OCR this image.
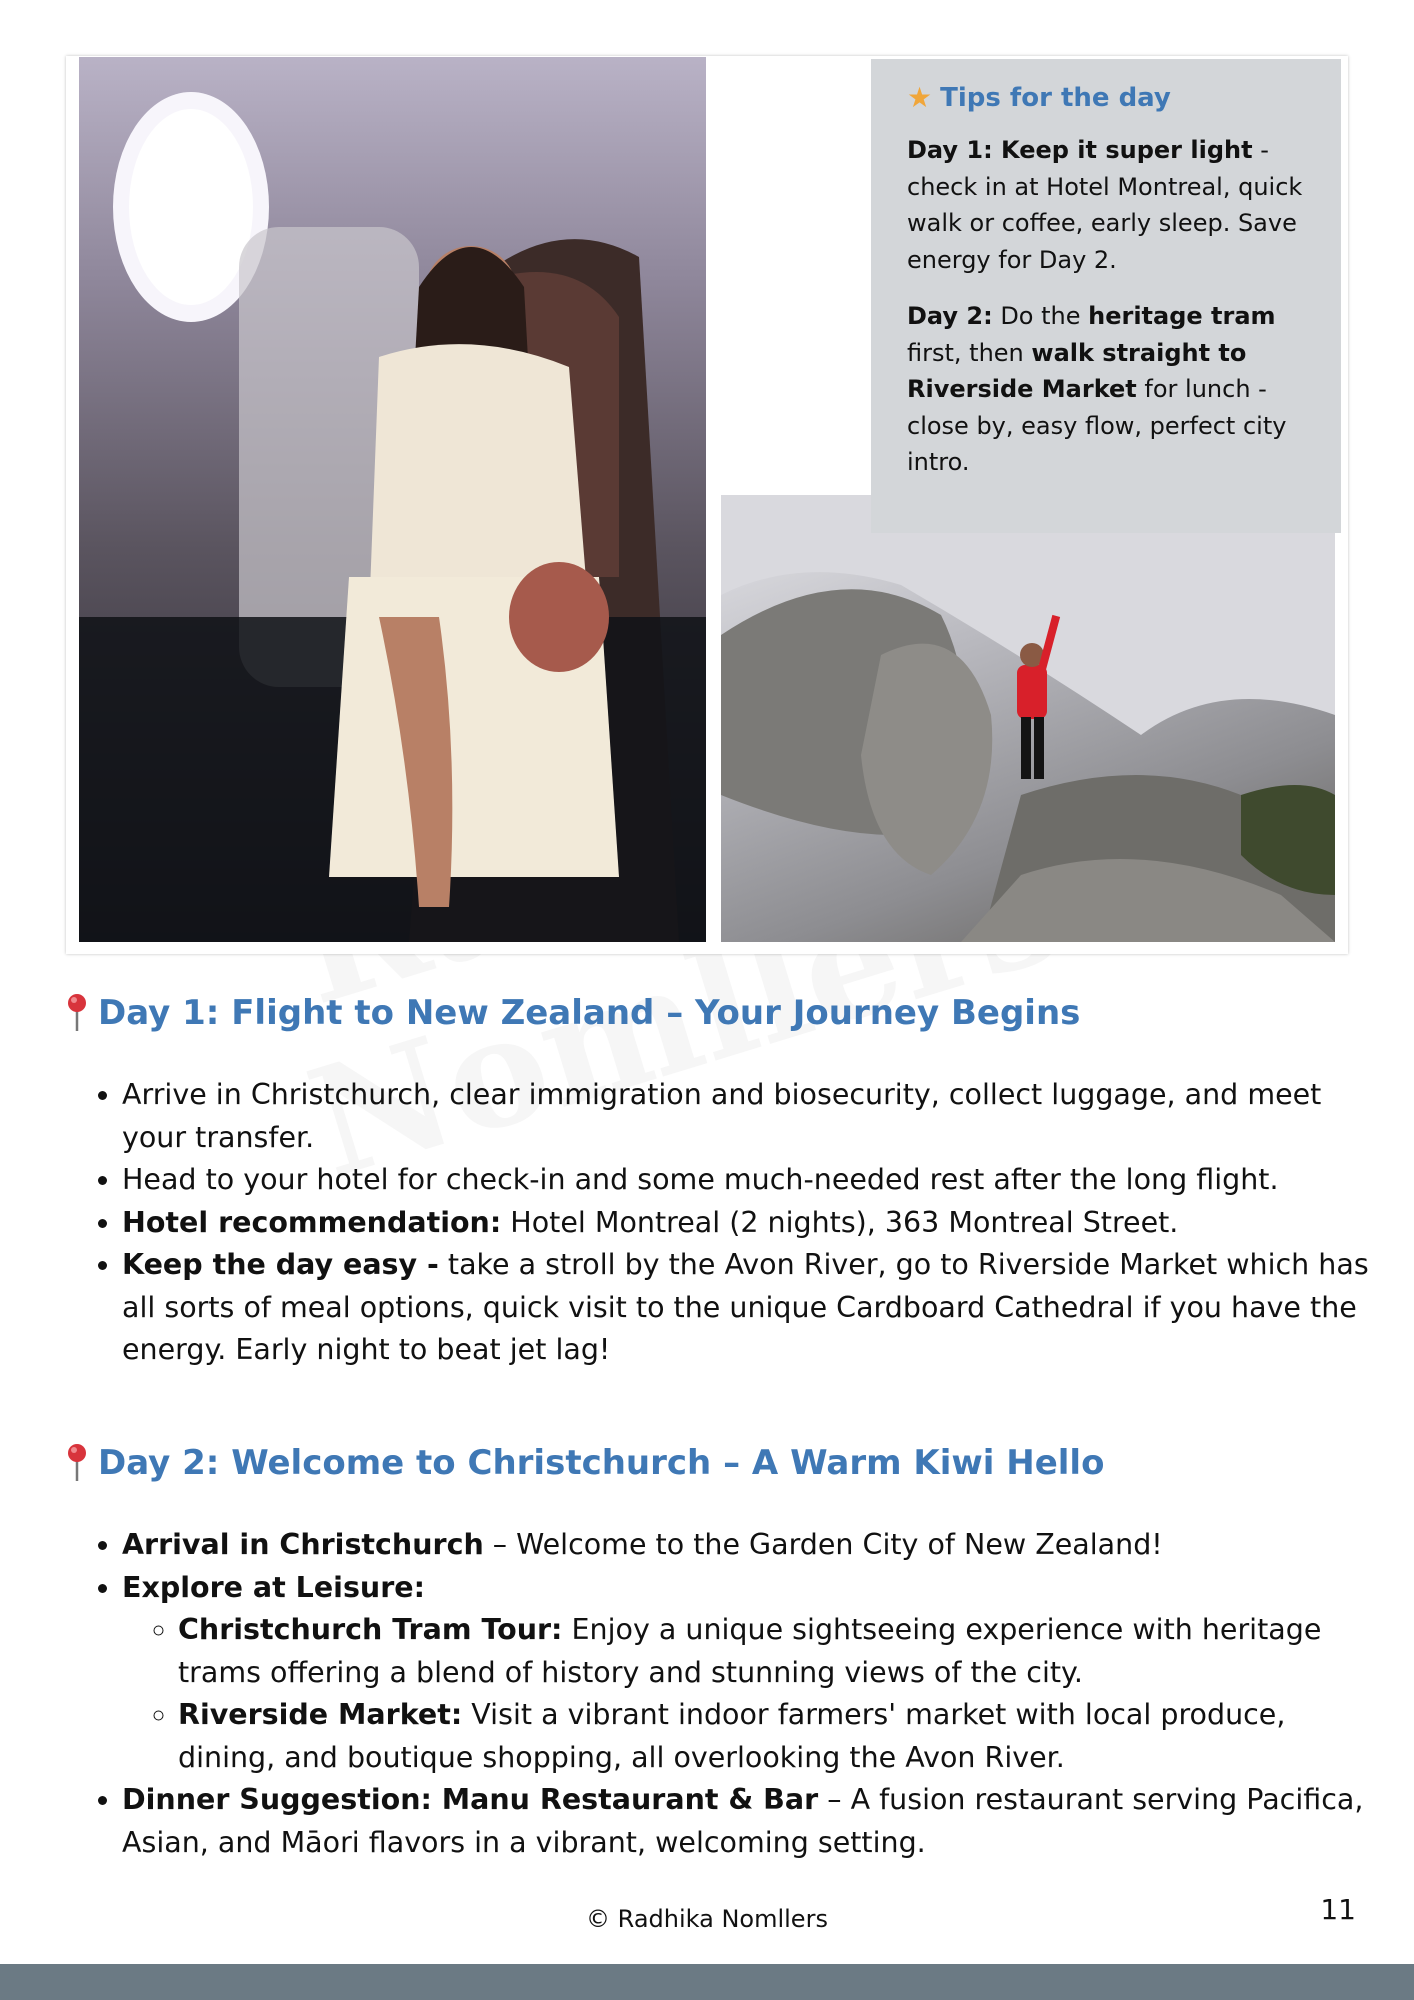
★ Tips for the day

Day 1: Keep it super light - check in at Hotel Montreal, quick walk or coffee, early sleep. Save energy for Day 2.

Day 2: Do the heritage tram first, then walk straight to Riverside Market for lunch - close by, easy flow, perfect city intro.

Day 1: Flight to New Zealand – Your Journey Begins
• Arrive in Christchurch, clear immigration and biosecurity, collect luggage, and meet your transfer.
• Head to your hotel for check-in and some much-needed rest after the long flight.
• Hotel recommendation: Hotel Montreal (2 nights), 363 Montreal Street.
• Keep the day easy - take a stroll by the Avon River, go to Riverside Market which has all sorts of meal options, quick visit to the unique Cardboard Cathedral if you have the energy. Early night to beat jet lag!
Day 2: Welcome to Christchurch – A Warm Kiwi Hello
• Arrival in Christchurch – Welcome to the Garden City of New Zealand!
• Explore at Leisure:
◦ Christchurch Tram Tour: Enjoy a unique sightseeing experience with heritage trams offering a blend of history and stunning views of the city.
◦ Riverside Market: Visit a vibrant indoor farmers' market with local produce, dining, and boutique shopping, all overlooking the Avon River.
• Dinner Suggestion: Manu Restaurant & Bar – A fusion restaurant serving Pacifica, Asian, and Māori flavors in a vibrant, welcoming setting.
© Radhika Nomllers	11
